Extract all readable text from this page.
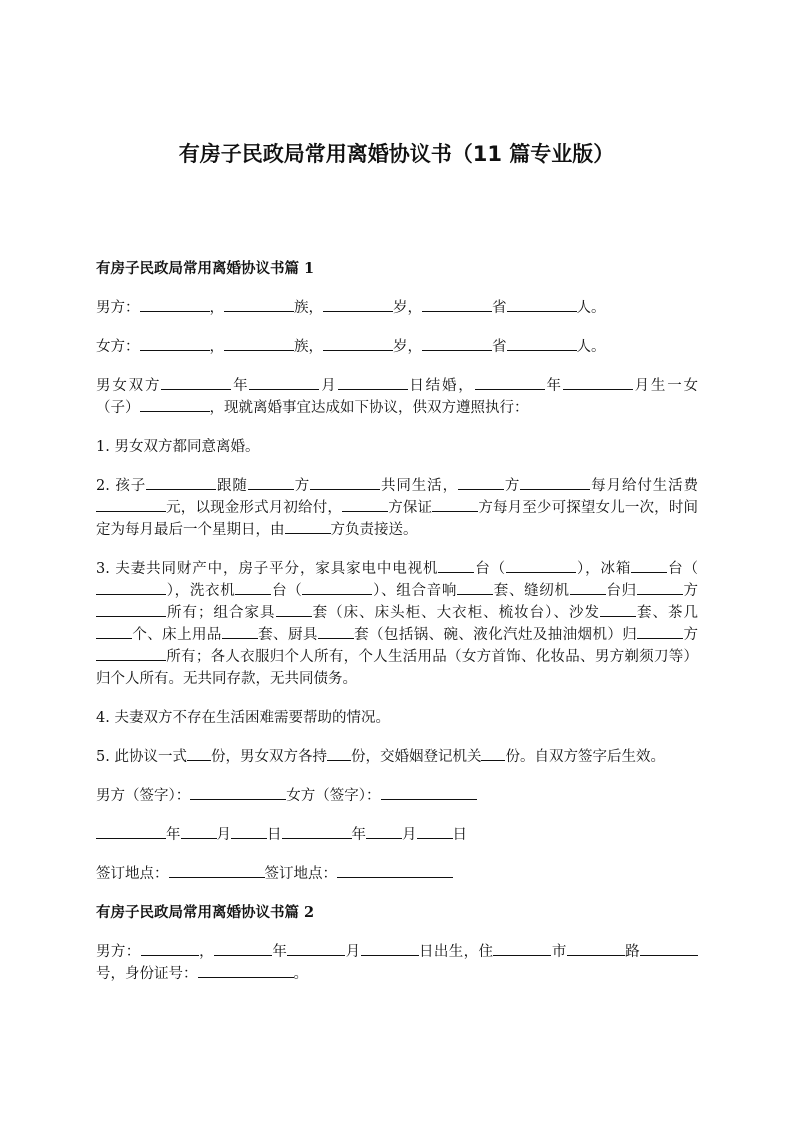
有房子民政局常用离婚协议书（11 篇专业版）
有房子民政局常用离婚协议书篇 1
男方：	，	族，	岁，	省	人。
女方：	，	族，	岁，	省	人。
男女双方	年	月	日结婚，	年	月生一女（子）	，现就离婚事宜达成如下协议，供双方遵照执行：
1. 男女双方都同意离婚。
2. 孩子	跟随	方	共同生活，	方	每月给付生活费元，以现金形式月初给付，	方保证	方每月至少可探望女儿一次，时间定为每月最后一个星期日，由	方负责接送。
3. 夫妻共同财产中，房子平分，家具家电中电视机 台（	），冰箱 台（），洗衣机 台（	）、组合音响 套、缝纫机 台归	方所有；组合家具 套（床、床头柜、大衣柜、梳妆台）、沙发 套、茶几个、床上用品 套、厨具 套（包括锅、碗、液化汽灶及抽油烟机）归	方所有；各人衣服归个人所有，个人生活用品（女方首饰、化妆品、男方剃须刀等）归个人所有。无共同存款，无共同债务。
4. 夫妻双方不存在生活困难需要帮助的情况。
5. 此协议一式 份，男女双方各持 份，交婚姻登记机关 份。自双方签字后生效。
男方（签字）：	女方（签字）：
年 月 日	年 月 日
签订地点：	签订地点：
有房子民政局常用离婚协议书篇 2
男方：	，	年	月	日出生，住	市	路号，身份证号：	。
